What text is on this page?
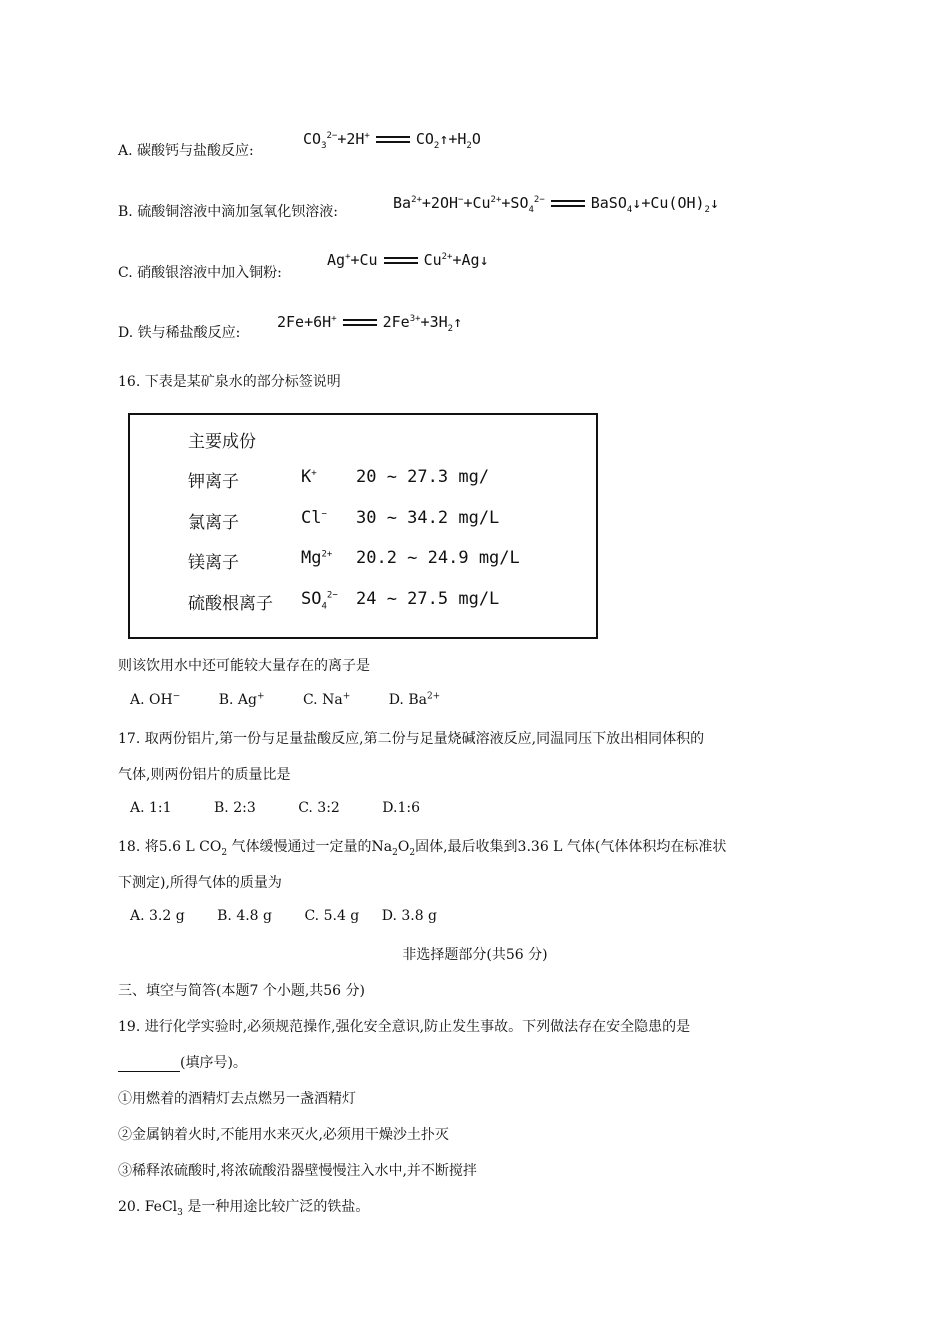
A. 碳酸钙与盐酸反应:
$CO_3^{2-}+2H^+$	$CO_2↑+H_2O$
B. 硫酸铜溶液中滴加氢氧化钡溶液:	$Ba^{2+}+2OH^-+Cu^{2+}+SO_4^{2-}$	$BaSO_4↓+Cu(OH)_2↓$
C. 硝酸银溶液中加入铜粉:
Ag++Cu	$Cu^{2+}+Ag↓$
D. 铁与稀盐酸反应:
2Fe+6H+	$2Fe^{3+}+3H_2↑$
16. 下表是某矿泉水的部分标签说明
主要成份
钾离子	K+ 20 ~ 27.3 mg/
氯离子	Cl− 30 ~ 34.2 mg/L
镁离子	$Mg^{2+}$ 20.2 ~ 24.9 mg/L
硫酸根离子 $SO_4^{2-}$ 24 ~ 27.5 mg/L
则该饮用水中还可能较大量存在的离子是
A. OH−	B. Ag+	C. Na+	D. $Ba^{2+}$
17. 取两份铝片,第一份与足量盐酸反应,第二份与足量烧碱溶液反应,同温同压下放出相同体积的
气体,则两份铝片的质量比是
A. 1:1	B. 2:3	C. 3:2	D.1:6
18. 将5.6 L $CO_2$ 气体缓慢通过一定量的$Na_2O_2$固体,最后收集到3.36 L 气体(气体体积均在标准状
下测定),所得气体的质量为
A. 3.2 g B. 4.8 g C. 5.4 g D. 3.8 g
非选择题部分(共56 分)
三、填空与简答(本题7 个小题,共56 分)
19. 进行化学实验时,必须规范操作,强化安全意识,防止发生事故。下列做法存在安全隐患的是
(填序号)。
①用燃着的酒精灯去点燃另一盏酒精灯
②金属钠着火时,不能用水来灭火,必须用干燥沙土扑灭
③稀释浓硫酸时,将浓硫酸沿器壁慢慢注入水中,并不断搅拌
20. FeCl$_3$ 是一种用途比较广泛的铁盐。
